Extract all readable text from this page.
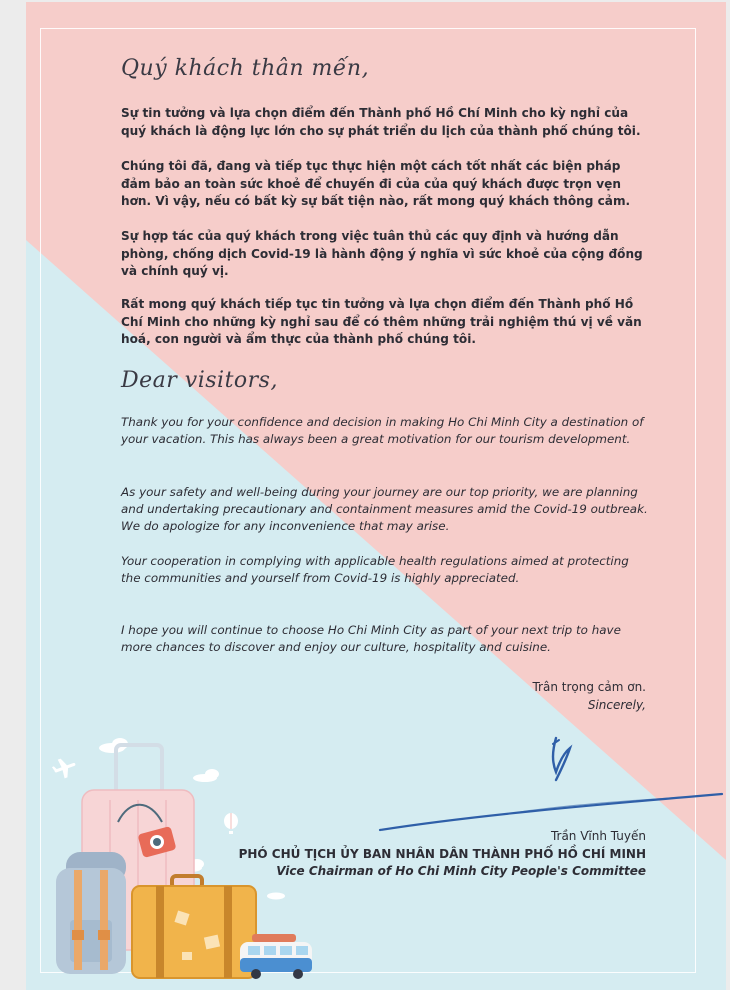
Quý khách thân mến,

Sự tin tưởng và lựa chọn điểm đến Thành phố Hồ Chí Minh cho kỳ nghỉ của quý khách là động lực lớn cho sự phát triển du lịch của thành phố chúng tôi.

Chúng tôi đã, đang và tiếp tục thực hiện một cách tốt nhất các biện pháp đảm bảo an toàn sức khoẻ để chuyến đi của của quý khách được trọn vẹn hơn. Vì vậy, nếu có bất kỳ sự bất tiện nào, rất mong quý khách thông cảm.

Sự hợp tác của quý khách trong việc tuân thủ các quy định và hướng dẫn phòng, chống dịch Covid-19 là hành động ý nghĩa vì sức khoẻ của cộng đồng và chính quý vị.

Rất mong quý khách tiếp tục tin tưởng và lựa chọn điểm đến Thành phố Hồ Chí Minh cho những kỳ nghỉ sau để có thêm những trải nghiệm thú vị về văn hoá, con người và ẩm thực của thành phố chúng tôi.

Dear visitors,

Thank you for your confidence and decision in making Ho Chi Minh City a destination of your vacation. This has always been a great motivation for our tourism development.

As your safety and well-being during your journey are our top priority, we are planning and undertaking precautionary and containment measures amid the Covid-19 outbreak. We do apologize for any inconvenience that may arise.

Your cooperation in complying with applicable health regulations aimed at protecting the communities and yourself from Covid-19 is highly appreciated.

I hope you will continue to choose Ho Chi Minh City as part of your next trip to have more chances to discover and enjoy our culture, hospitality and cuisine.

Trân trọng cảm ơn.
Sincerely,
Trần Vĩnh Tuyến
PHÓ CHỦ TỊCH ỦY BAN NHÂN DÂN THÀNH PHỐ HỒ CHÍ MINH
Vice Chairman of Ho Chi Minh City People's Committee
